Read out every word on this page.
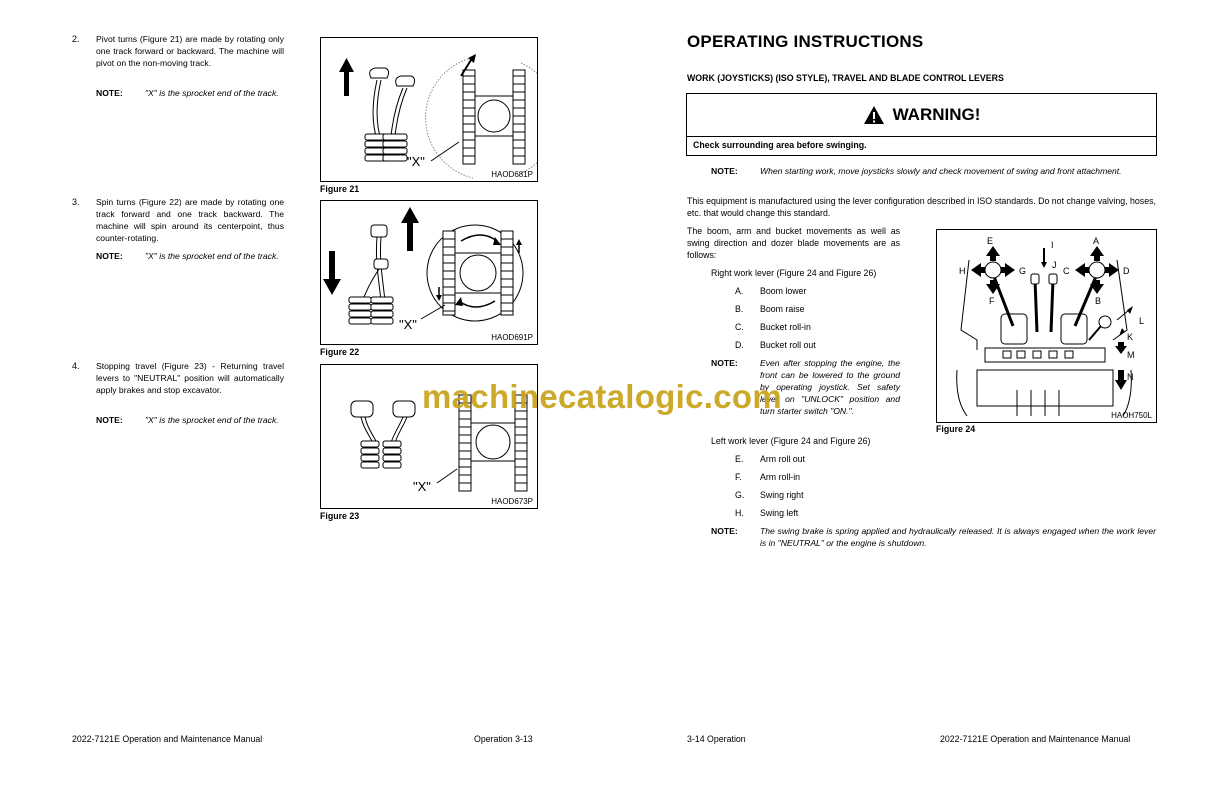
2. Pivot turns (Figure 21) are made by rotating only one track forward or backward. The machine will pivot on the non-moving track.
NOTE:	"X" is the sprocket end of the track.
3. Spin turns (Figure 22) are made by rotating one track forward and one track backward. The machine will spin around its centerpoint, thus counter-rotating.
NOTE:	"X" is the sprocket end of the track.
4. Stopping travel (Figure 23) - Returning travel levers to "NEUTRAL" position will automatically apply brakes and stop excavator.
NOTE:	"X" is the sprocket end of the track.
"X"
HAOD681P
Figure 21
"X"
HAOD691P
Figure 22
"X"
HAOD673P
Figure 23
2022-7121E Operation and Maintenance Manual	Operation 3-13
OPERATING INSTRUCTIONS
WORK (JOYSTICKS) (ISO STYLE), TRAVEL AND BLADE CONTROL LEVERS
WARNING!
Check surrounding area before swinging.
NOTE:	When starting work, move joysticks slowly and check movement of swing and front attachment.
This equipment is manufactured using the lever configuration described in ISO standards. Do not change valving, hoses, etc. that would change this standard.
The boom, arm and bucket movements as well as swing direction and dozer blade movements are as follows:
Right work lever (Figure 24 and Figure 26)
A. Boom lower
B. Boom raise
C. Bucket roll-in
D. Bucket roll out
NOTE:	Even after stopping the engine, the front can be lowered to the ground by operating joystick. Set safety lever on "UNLOCK" position and turn starter switch "ON.".
Left work lever (Figure 24 and Figure 26)
E. Arm roll out
F. Arm roll-in
G. Swing right
H. Swing left
NOTE:	The swing brake is spring applied and hydraulically released. It is always engaged when the work lever is in "NEUTRAL" or the engine is shutdown.
E	I	A
H	G
J
C	D
F	B
L
K
M
N
HAOH750L
Figure 24
3-14 Operation	2022-7121E Operation and Maintenance Manual
machinecatalogic.com
